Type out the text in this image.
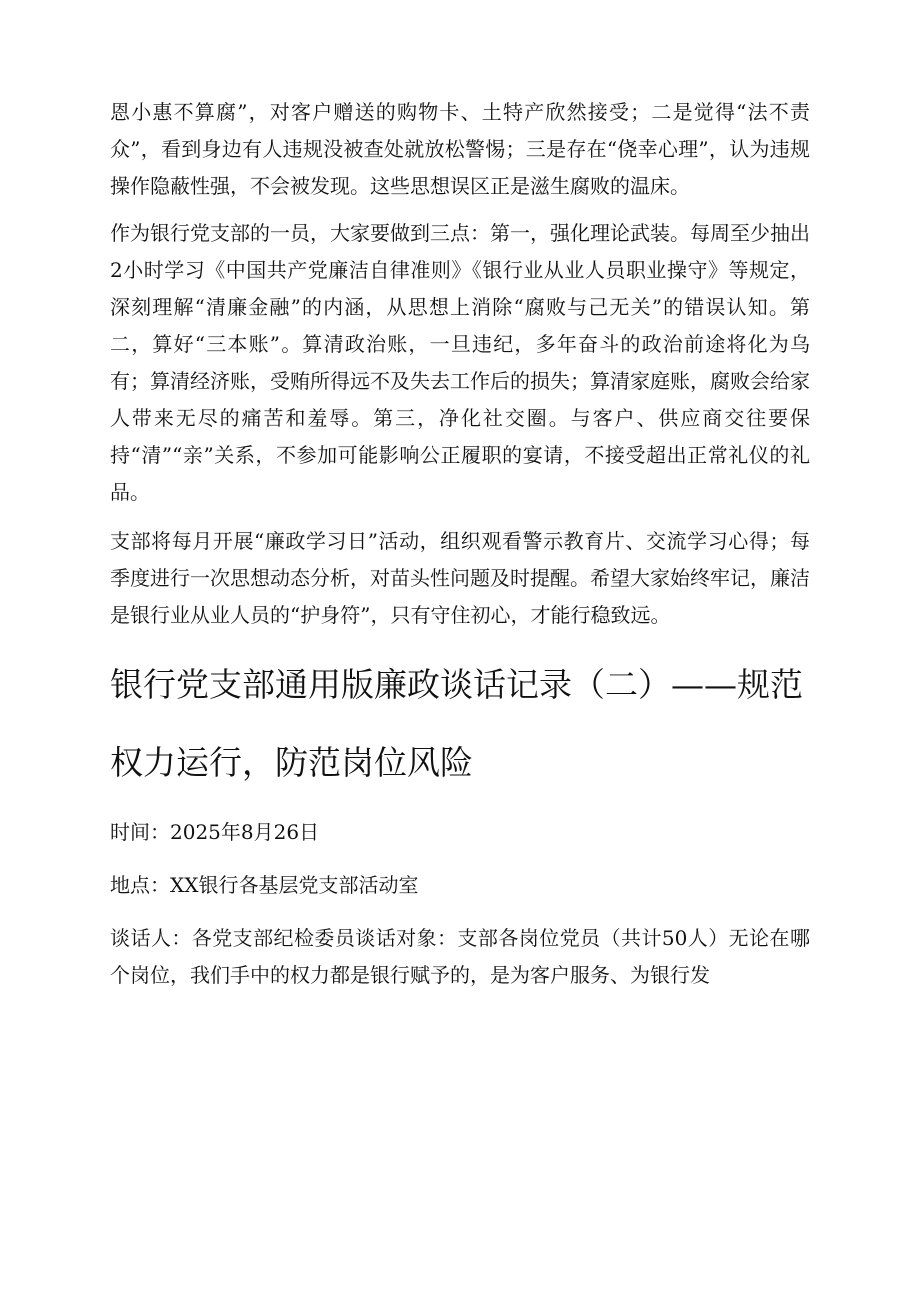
恩小惠不算腐”，对客户赠送的购物卡、土特产欣然接受；二是觉得“法不责众”，看到身边有人违规没被查处就放松警惕；三是存在“侥幸心理”，认为违规操作隐蔽性强，不会被发现。这些思想误区正是滋生腐败的温床。

作为银行党支部的一员，大家要做到三点：第一，强化理论武装。每周至少抽出2小时学习《中国共产党廉洁自律准则》《银行业从业人员职业操守》等规定，深刻理解“清廉金融”的内涵，从思想上消除“腐败与己无关”的错误认知。第二，算好“三本账”。算清政治账，一旦违纪，多年奋斗的政治前途将化为乌有；算清经济账，受贿所得远不及失去工作后的损失；算清家庭账，腐败会给家人带来无尽的痛苦和羞辱。第三，净化社交圈。与客户、供应商交往要保持“清”“亲”关系，不参加可能影响公正履职的宴请，不接受超出正常礼仪的礼品。

支部将每月开展“廉政学习日”活动，组织观看警示教育片、交流学习心得；每季度进行一次思想动态分析，对苗头性问题及时提醒。希望大家始终牢记，廉洁是银行业从业人员的“护身符”，只有守住初心，才能行稳致远。

银行党支部通用版廉政谈话记录（二）——规范权力运行，防范岗位风险

时间：2025年8月26日

地点：XX银行各基层党支部活动室

谈话人：各党支部纪检委员谈话对象：支部各岗位党员（共计50人）无论在哪个岗位，我们手中的权力都是银行赋予的，是为客户服务、为银行发
